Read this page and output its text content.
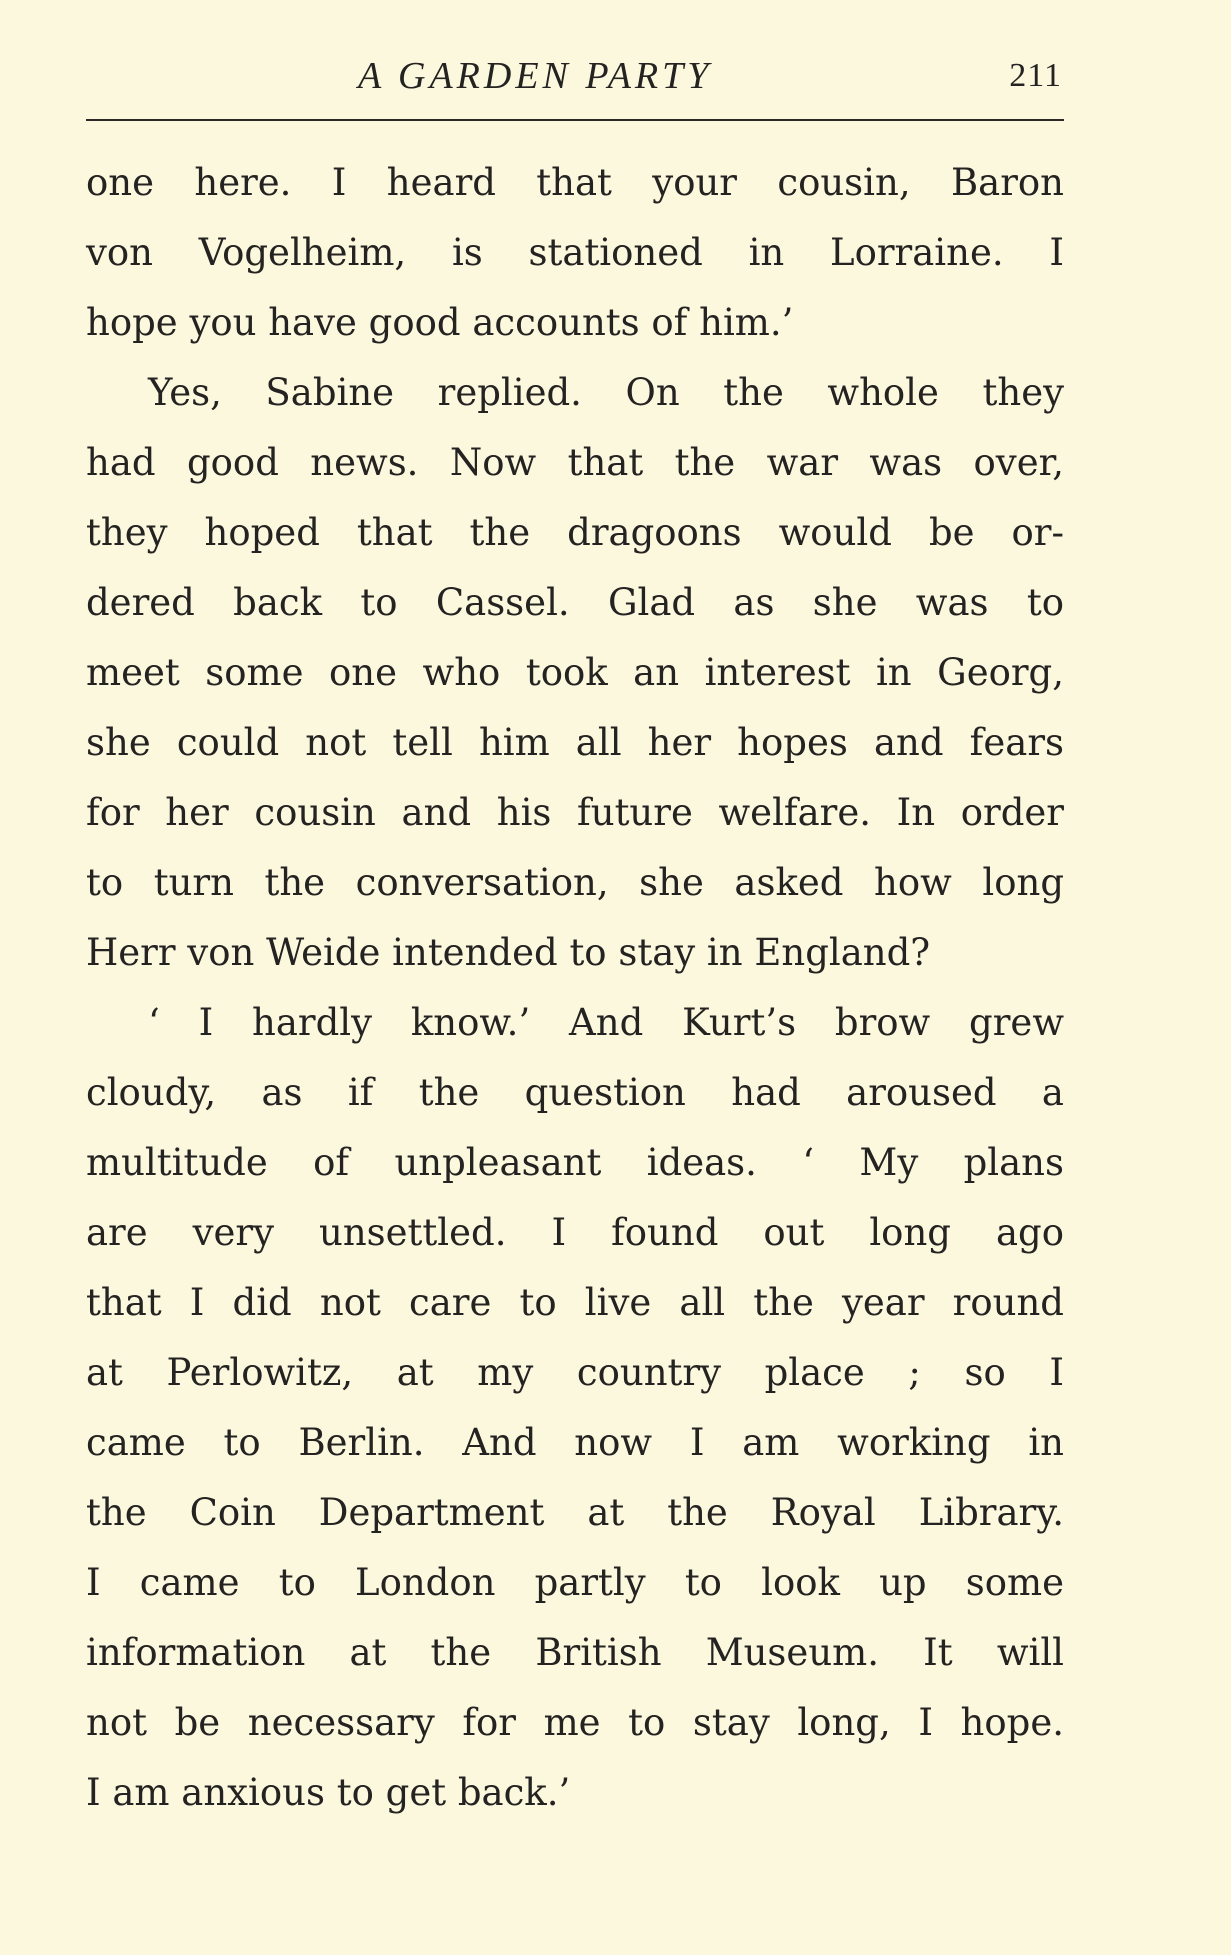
A GARDEN PARTY	211
one here. I heard that your cousin, Baron
von Vogelheim, is stationed in Lorraine. I
hope you have good accounts of him.’
Yes, Sabine replied. On the whole they
had good news. Now that the war was over,
they hoped that the dragoons would be or-
dered back to Cassel. Glad as she was to
meet some one who took an interest in Georg,
she could not tell him all her hopes and fears
for her cousin and his future welfare. In order
to turn the conversation, she asked how long
Herr von Weide intended to stay in England?
‘ I hardly know.’ And Kurt’s brow grew
cloudy, as if the question had aroused a
multitude of unpleasant ideas. ‘ My plans
are very unsettled. I found out long ago
that I did not care to live all the year round
at Perlowitz, at my country place ; so I
came to Berlin. And now I am working in
the Coin Department at the Royal Library.
I came to London partly to look up some
information at the British Museum. It will
not be necessary for me to stay long, I hope.
I am anxious to get back.’
